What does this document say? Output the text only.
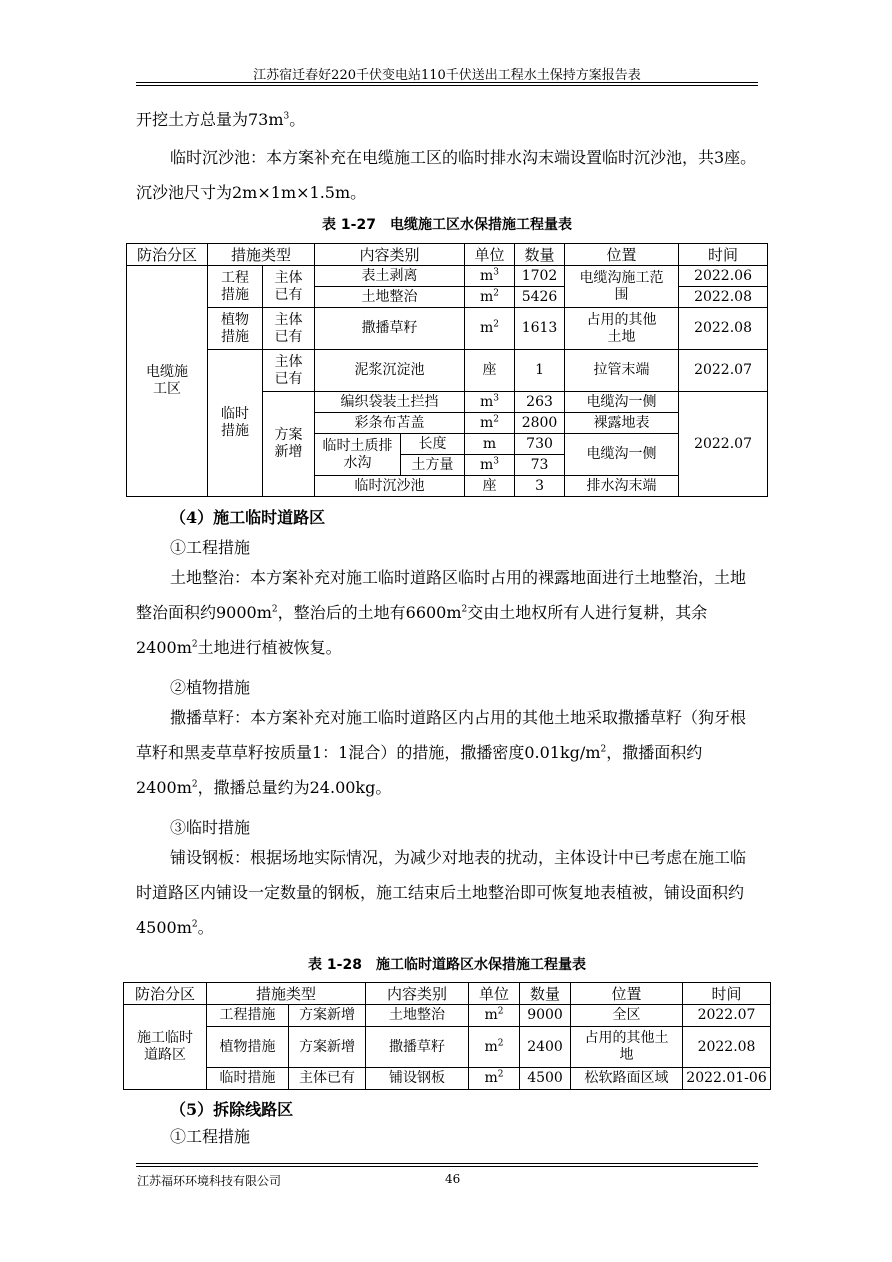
江苏宿迁春好220千伏变电站110千伏送出工程水土保持方案报告表
开挖土方总量为$73m^3$。
临时沉沙池：本方案补充在电缆施工区的临时排水沟末端设置临时沉沙池，共3座。沉沙池尺寸为2m×1m×1.5m。
表 1-27　电缆施工区水保措施工程量表
防治分区	措施类型		内容类别		单位	数量	位置	时间
电缆施工区	工程措施	主体已有	表土剥离		$m^3$	1702	电缆沟施工范围	2022.06
			土地整治		$m^2$	5426		2022.08
	植物措施	主体已有	撒播草籽		$m^2$	1613	占用的其他土地	2022.08
	临时措施	主体已有	泥浆沉淀池		座	1	拉管末端	2022.07
		方案新增	编织袋装土拦挡		$m^3$	263	电缆沟一侧	2022.07
			彩条布苫盖		$m^2$	2800	裸露地表	
			临时土质排水沟	长度	m	730	电缆沟一侧	
				土方量	$m^3$	73		
			临时沉沙池		座	3	排水沟末端	
（4）施工临时道路区
①工程措施
土地整治：本方案补充对施工临时道路区临时占用的裸露地面进行土地整治，土地整治面积约$9000m^2$，整治后的土地有$6600m^2$交由土地权所有人进行复耕，其余$2400m^2$土地进行植被恢复。
②植物措施
撒播草籽：本方案补充对施工临时道路区内占用的其他土地采取撒播草籽（狗牙根草籽和黑麦草草籽按质量1：1混合）的措施，撒播密度$0.01kg/m^2$，撒播面积约$2400m^2$，撒播总量约为24.00kg。
③临时措施
铺设钢板：根据场地实际情况，为减少对地表的扰动，主体设计中已考虑在施工临时道路区内铺设一定数量的钢板，施工结束后土地整治即可恢复地表植被，铺设面积约$4500m^2$。
表 1-28　施工临时道路区水保措施工程量表
防治分区	措施类型		内容类别	单位	数量	位置	时间
施工临时道路区	工程措施	方案新增	土地整治	$m^2$	9000	全区	2022.07
	植物措施	方案新增	撒播草籽	$m^2$	2400	占用的其他土地	2022.08
	临时措施	主体已有	铺设钢板	$m^2$	4500	松软路面区域	2022.01-06
（5）拆除线路区
①工程措施
江苏福环环境科技有限公司	46
